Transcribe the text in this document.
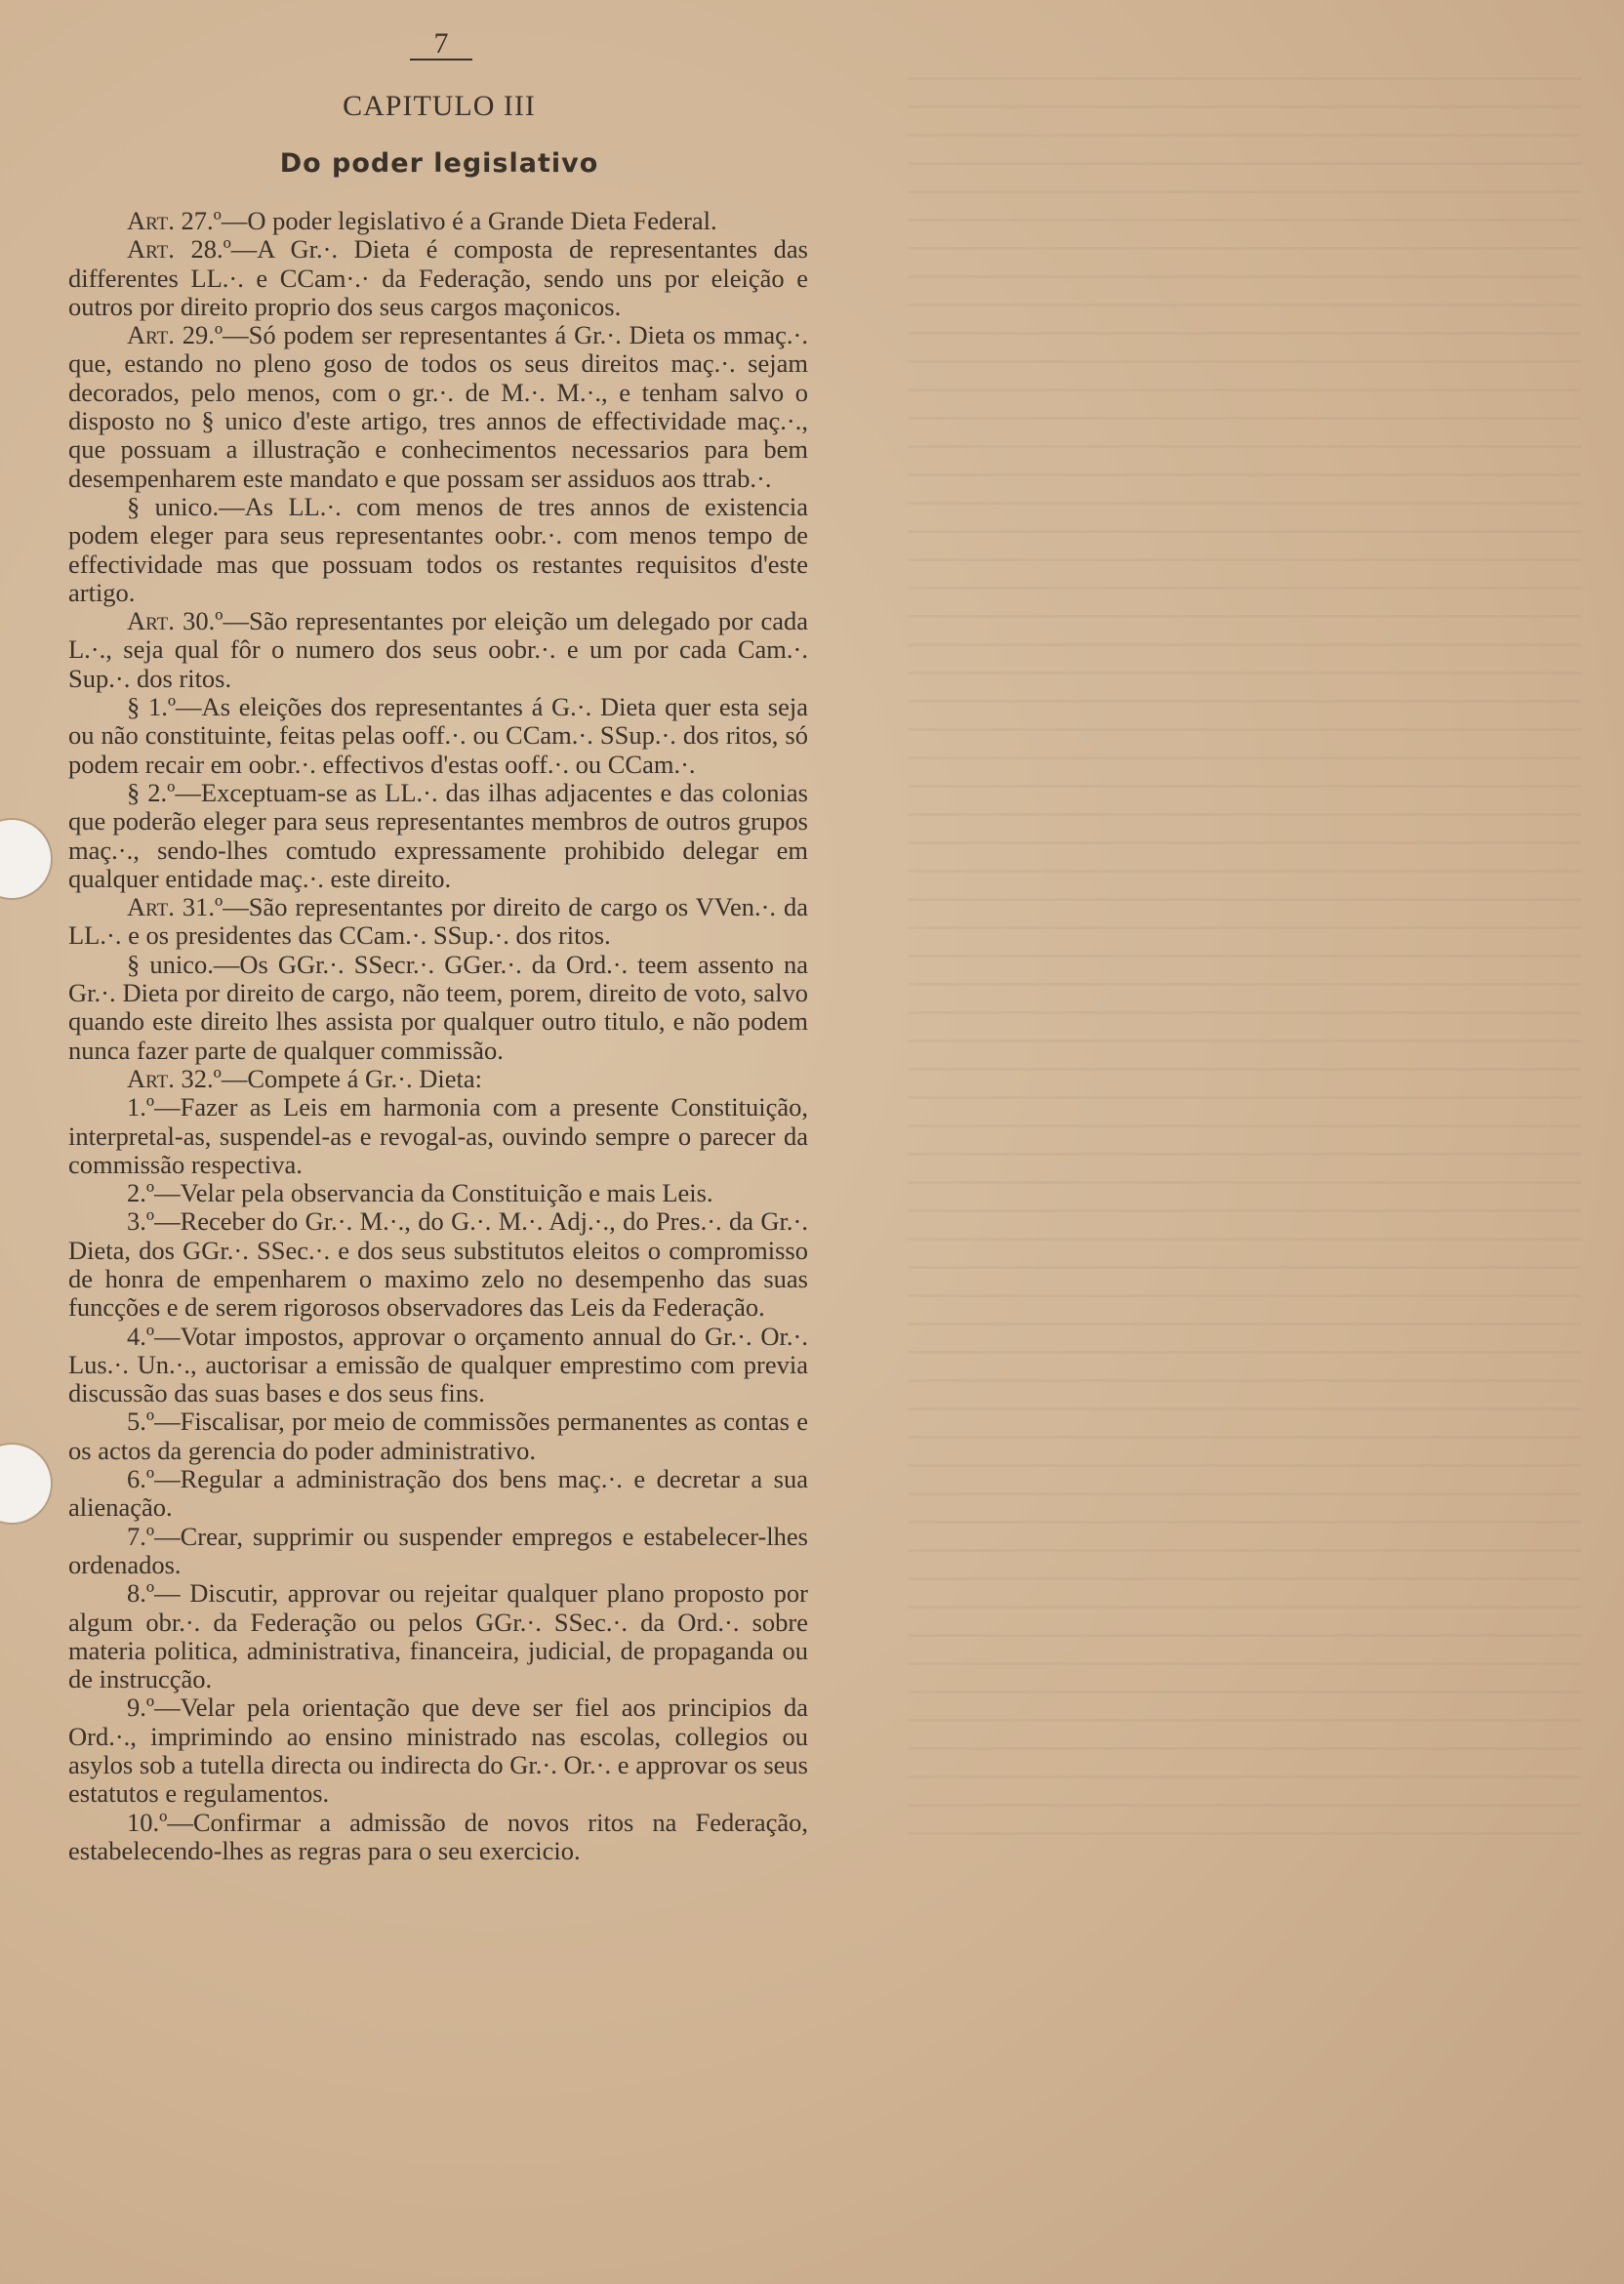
7
CAPITULO III
Do poder legislativo

Art. 27.º—O poder legislativo é a Grande Dieta Federal.

Art. 28.º—A Gr.·. Dieta é composta de representantes das differentes LL.·. e CCam·.· da Federação, sendo uns por eleição e outros por direito proprio dos seus cargos maçonicos.

Art. 29.º—Só podem ser representantes á Gr.·. Dieta os mmaç.·. que, estando no pleno goso de todos os seus direitos maç.·. sejam decorados, pelo menos, com o gr.·. de M.·. M.·., e tenham salvo o disposto no § unico d'este artigo, tres annos de effectividade maç.·., que possuam a illustração e conhecimentos necessarios para bem desempenharem este mandato e que possam ser assiduos aos ttrab.·.

§ unico.—As LL.·. com menos de tres annos de existencia podem eleger para seus representantes oobr.·. com menos tempo de effectividade mas que possuam todos os restantes requisitos d'este artigo.

Art. 30.º—São representantes por eleição um delegado por cada L.·., seja qual fôr o numero dos seus oobr.·. e um por cada Cam.·. Sup.·. dos ritos.

§ 1.º—As eleições dos representantes á G.·. Dieta quer esta seja ou não constituinte, feitas pelas ooff.·. ou CCam.·. SSup.·. dos ritos, só podem recair em oobr.·. effectivos d'estas ooff.·. ou CCam.·.

§ 2.º—Exceptuam-se as LL.·. das ilhas adjacentes e das colonias que poderão eleger para seus representantes membros de outros grupos maç.·., sendo-lhes comtudo expressamente prohibido delegar em qualquer entidade maç.·. este direito.

Art. 31.º—São representantes por direito de cargo os VVen.·. da LL.·. e os presidentes das CCam.·. SSup.·. dos ritos.

§ unico.—Os GGr.·. SSecr.·. GGer.·. da Ord.·. teem assento na Gr.·. Dieta por direito de cargo, não teem, porem, direito de voto, salvo quando este direito lhes assista por qualquer outro titulo, e não podem nunca fazer parte de qualquer commissão.

Art. 32.º—Compete á Gr.·. Dieta:

1.º—Fazer as Leis em harmonia com a presente Constituição, interpretal-as, suspendel-as e revogal-as, ouvindo sempre o parecer da commissão respectiva.

2.º—Velar pela observancia da Constituição e mais Leis.

3.º—Receber do Gr.·. M.·., do G.·. M.·. Adj.·., do Pres.·. da Gr.·. Dieta, dos GGr.·. SSec.·. e dos seus substitutos eleitos o compromisso de honra de empenharem o maximo zelo no desempenho das suas funcções e de serem rigorosos observadores das Leis da Federação.

4.º—Votar impostos, approvar o orçamento annual do Gr.·. Or.·. Lus.·. Un.·., auctorisar a emissão de qualquer emprestimo com previa discussão das suas bases e dos seus fins.

5.º—Fiscalisar, por meio de commissões permanentes as contas e os actos da gerencia do poder administrativo.

6.º—Regular a administração dos bens maç.·. e decretar a sua alienação.

7.º—Crear, supprimir ou suspender empregos e estabelecer-lhes ordenados.

8.º— Discutir, approvar ou rejeitar qualquer plano proposto por algum obr.·. da Federação ou pelos GGr.·. SSec.·. da Ord.·. sobre materia politica, administrativa, financeira, judicial, de propaganda ou de instrucção.

9.º—Velar pela orientação que deve ser fiel aos principios da Ord.·., imprimindo ao ensino ministrado nas escolas, collegios ou asylos sob a tutella directa ou indirecta do Gr.·. Or.·. e approvar os seus estatutos e regulamentos.

10.º—Confirmar a admissão de novos ritos na Federação, estabelecendo-lhes as regras para o seu exercicio.
